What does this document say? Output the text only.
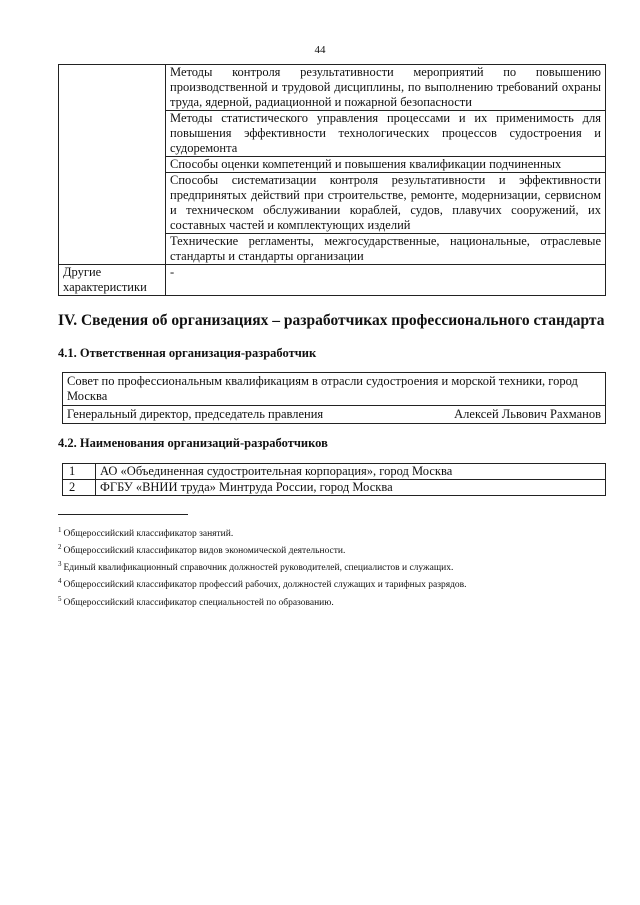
44
	Методы контроля результативности мероприятий по повышению производственной и трудовой дисциплины, по выполнению требований охраны труда, ядерной, радиационной и пожарной безопасности
	Методы статистического управления процессами и их применимость для повышения эффективности технологических процессов судостроения и судоремонта
	Способы оценки компетенций и повышения квалификации подчиненных
	Способы систематизации контроля результативности и эффективности предпринятых действий при строительстве, ремонте, модернизации, сервисном и техническом обслуживании кораблей, судов, плавучих сооружений, их составных частей и комплектующих изделий
	Технические регламенты, межгосударственные, национальные, отраслевые стандарты и стандарты организации
Другие характеристики	-
IV. Сведения об организациях – разработчиках профессионального стандарта
4.1. Ответственная организация-разработчик
Совет по профессиональным квалификациям в отрасли судостроения и морской техники, город Москва
Генеральный директор, председатель правления	Алексей Львович Рахманов
4.2. Наименования организаций-разработчиков
1	АО «Объединенная судостроительная корпорация», город Москва
2	ФГБУ «ВНИИ труда» Минтруда России, город Москва
$^1$ Общероссийский классификатор занятий.
$^2$ Общероссийский классификатор видов экономической деятельности.
$^3$ Единый квалификационный справочник должностей руководителей, специалистов и служащих.
$^4$ Общероссийский классификатор профессий рабочих, должностей служащих и тарифных разрядов.
$^5$ Общероссийский классификатор специальностей по образованию.
